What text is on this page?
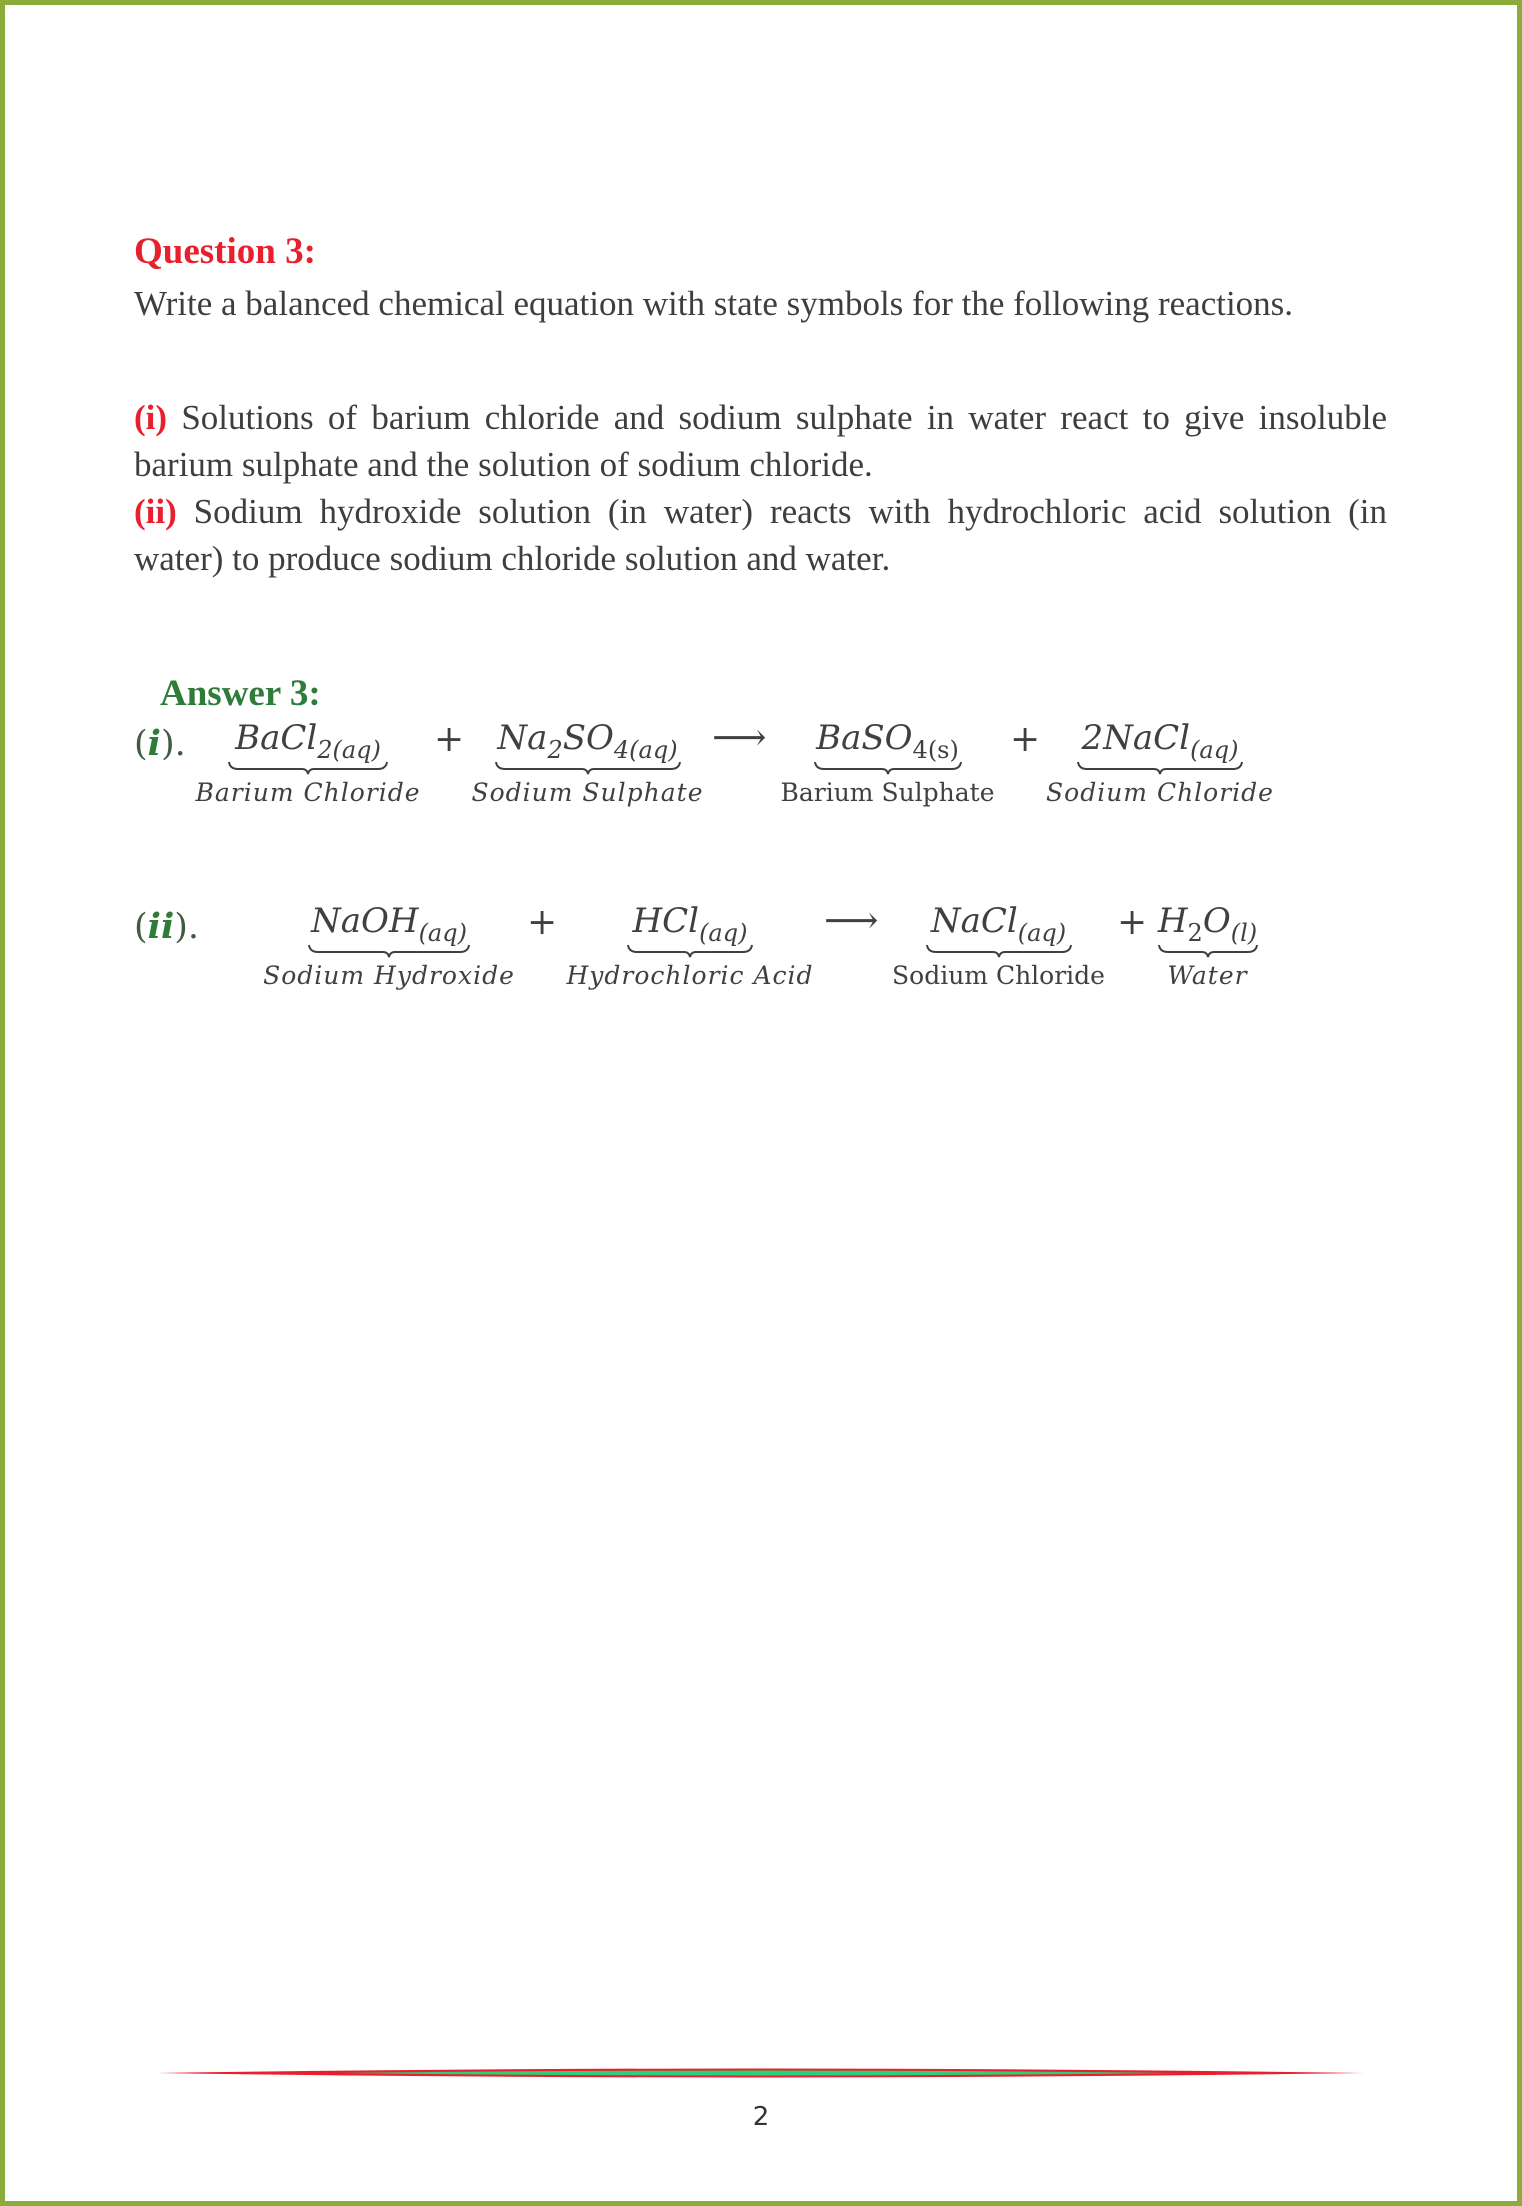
Question 3:
Write a balanced chemical equation with state symbols for the following reactions.
(i) Solutions of barium chloride and sodium sulphate in water react to give insoluble barium sulphate and the solution of sodium chloride.
(ii) Sodium hydroxide solution (in water) reacts with hydrochloric acid solution (in water) to produce sodium chloride solution and water.
Answer 3:
(i).	BaCl$_{2(aq)}$
Barium Chloride
+ $Na_2SO_{4(aq)}$
Sodium Sulphate
⟶	BaSO$_{4(s)}$
Barium Sulphate
+	2NaCl$_{(aq)}$
Sodium Chloride
(ii).	NaOH$_{(aq)}$
Sodium Hydroxide
+	HCl$_{(aq)}$
Hydrochloric Acid
⟶	NaCl$_{(aq)}$
Sodium Chloride
+ $H_2O_{(l)}$
Water
2
